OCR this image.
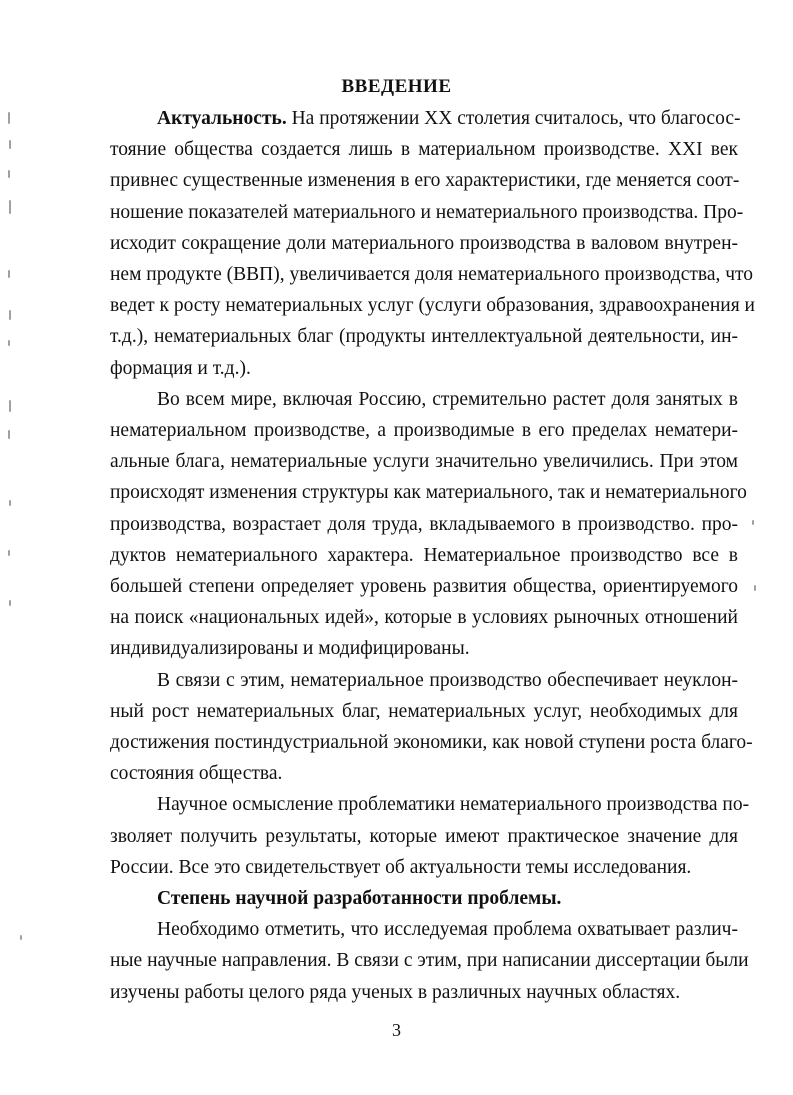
ВВЕДЕНИЕ
Актуальность. На протяжении XX столетия считалось, что благосос-
тояние общества создается лишь в материальном производстве. XXI век
привнес существенные изменения в его характеристики, где меняется соот-
ношение показателей материального и нематериального производства. Про-
исходит сокращение доли материального производства в валовом внутрен-
нем продукте (ВВП), увеличивается доля нематериального производства, что
ведет к росту нематериальных услуг (услуги образования, здравоохранения и
т.д.), нематериальных благ (продукты интеллектуальной деятельности, ин-
формация и т.д.).
Во всем мире, включая Россию, стремительно растет доля занятых в
нематериальном производстве, а производимые в его пределах нематери-
альные блага, нематериальные услуги значительно увеличились. При этом
происходят изменения структуры как материального, так и нематериального
производства, возрастает доля труда, вкладываемого в производство. про-
дуктов нематериального характера. Нематериальное производство все в
большей степени определяет уровень развития общества, ориентируемого
на поиск «национальных идей», которые в условиях рыночных отношений
индивидуализированы и модифицированы.
В связи с этим, нематериальное производство обеспечивает неуклон-
ный рост нематериальных благ, нематериальных услуг, необходимых для
достижения постиндустриальной экономики, как новой ступени роста благо-
состояния общества.
Научное осмысление проблематики нематериального производства по-
зволяет получить результаты, которые имеют практическое значение для
России. Все это свидетельствует об актуальности темы исследования.
Степень научной разработанности проблемы.
Необходимо отметить, что исследуемая проблема охватывает различ-
ные научные направления. В связи с этим, при написании диссертации были
изучены работы целого ряда ученых в различных научных областях.
3
